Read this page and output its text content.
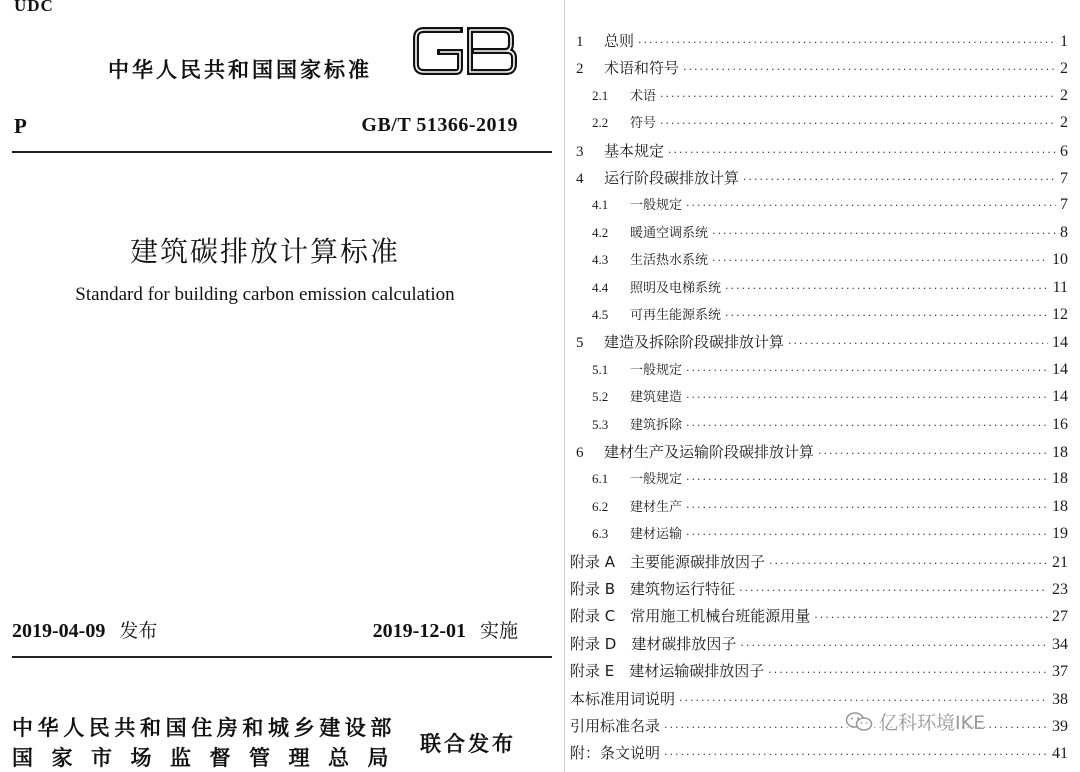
UDC
中华人民共和国国家标准
P	GB/T 51366-2019
建筑碳排放计算标准
Standard for building carbon emission calculation
2019-04-09 发布	2019-12-01 实施
中华人民共和国住房和城乡建设部
国家市场监督管理总局
联合发布
1	总则 ·····	1
2	术语和符号 ·····	2
2.1	术语 ·····	2
2.2	符号 ·····	2
3	基本规定 ·····	6
4	运行阶段碳排放计算 ·····	7
4.1	一般规定 ·····	7
4.2	暖通空调系统 ·····	8
4.3	生活热水系统 ·····	10
4.4	照明及电梯系统 ·····	11
4.5	可再生能源系统 ·····	12
5	建造及拆除阶段碳排放计算 ·····	14
5.1	一般规定 ·····	14
5.2	建筑建造 ·····	14
5.3	建筑拆除 ·····	16
6	建材生产及运输阶段碳排放计算 ·····	18
6.1	一般规定 ·····	18
6.2	建材生产 ·····	18
6.3	建材运输 ·····	19
附录 A　主要能源碳排放因子 ·····	21
附录 B　建筑物运行特征 ·····	23
附录 C　常用施工机械台班能源用量 ·····	27
附录 D　建材碳排放因子 ·····	34
附录 E　建材运输碳排放因子 ·····	37
本标准用词说明 ·····	38
引用标准名录 ·····	39
附：条文说明 ·····	41
亿科环境IKE
